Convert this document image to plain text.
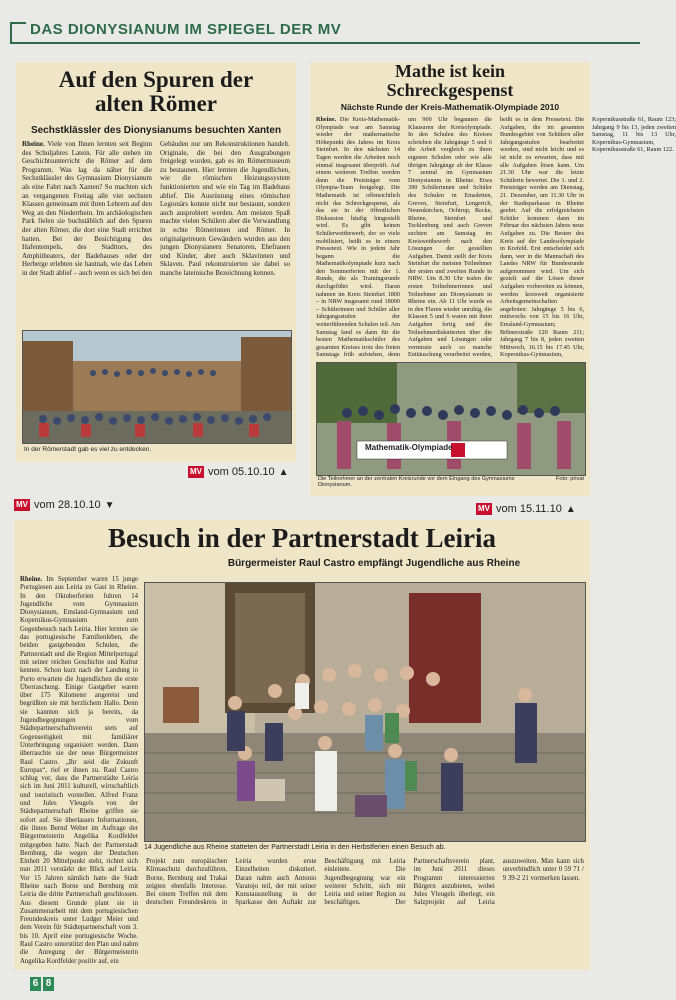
DAS DIONYSIANUM IM SPIEGEL DER MV
Auf den Spuren der alten Römer
Sechstklässler des Dionysianums besuchten Xanten
Rheine. Viele von Ihnen lernten seit Beginn des Schuljahres Latein. Für alle stehen im Geschichtsunterricht die Römer auf dem Programm. Was lag da näher für die Sechstklässler des Gymnasium Dionysianum als eine Fahrt nach Xanten? So machten sich an vergangenen Freitag alle vier sechsten Klassen gemeinsam mit ihren Lehrern auf den Weg an den Niederrhein. Im archäologischen Park fielen sie buchstäblich auf den Spuren der alten Römer, die dort eine Stadt errichtet hatten. Bei der Besichtigung des Hafentempels, des Stadttors, des Amphitheaters, der Badehauses oder der Herberge erlebten sie hautnah, wie das Leben in der Stadt ablief – auch wenn es sich bei den Gebäuden nur um Rekonstruktionen handelt. Originale, die bei den Ausgrabungen freigelegt wurden, gab es im Römermuseum zu bestaunen. Hier lernten die Jugendlichen, wie die römischen Heizungssystem funktionierten und wie ein Tag im Badehaus ablief. Die Ausrüstung eines römischen Legionärs konnte nicht nur bestaunt, sondern auch ausprobiert werden. Am meisten Spaß machte vielen Schülern aber die Verwandlung in echte Römerinnen und Römer. In originalgetreuen Gewändern wurden aus den jungen Dionysianern Senatoren, Ehefrauen und Kinder, aber auch Sklavinnen und Sklaven. Paul rekonstruierten sie dabei so manche lateinische Bezeichnung kennen.
In der Römerstadt gab es viel zu entdecken.
MV vom 05.10.10 ▲
Mathe ist kein Schreckgespenst
Nächste Runde der Kreis-Mathematik-Olympiade 2010
Rheine. Die Kreis-Mathematik-Olympiade war am Samstag wieder der mathematische Höhepunkt des Jahres im Kreis Steinfurt. In den nächsten 14 Tagen werden die Arbeiten noch einmal insgesamt überprüft. Auf einem weiteren Treffen werden dann die Preisträger vom Olympia-Team festgelegt. Die Mathematik ist offensichtlich nicht das Schreckgespenst, als das sie in der öffentlichen Diskussion häufig hingestellt wird. Es gibt keinen Schülerwettbewerb, der so viele mobilisiert, heißt es in einem Pressetext. Wie in jedem Jahr begann die Mathematikolympiade kurz nach den Sommerferien mit der 1. Runde, die als Trainingsrunde durchgeführt wird. Daran nahmen im Kreis Steinfurt 1800 – in NRW insgesamt rund 18000 – Schülerinnen und Schüler aller Jahrgangsstufen der weiterführenden Schulen teil. Am Samstag fand es dann für die besten Mathematikschüler des gesamten Kreises trotz des freien Samstags früh aufstehen, denn um 900 Uhr begannen die Klausuren der Kreisolympiade. In den Schulen des Kreises schrieben die Jahrgänge 5 und 6 die Arbeit vergleich zu ihren eigenen Schulen oder wie alle übrigen Jahrgänge ab der Klasse 7 zentral im Gymnasium Dionysianum in Rheine. Etwa 390 Schülerinnen und Schüler des Schulen in Emsdetten, Greven, Steinfurt, Lengerich, Neuenkirchen, Ochtrup, Recke, Rheine, Steinfurt und Tecklenburg und auch Greven suchten am Samstag im Kreiswettbewerb nach den Lösungen der gestellten Aufgaben. Damit stellt der Kreis Steinfurt die meisten Teilnehmer der ersten und zweiten Runde in NRW. Um 8.30 Uhr trafen die ersten Teilnehmerinnen und Teilnehmer am Dionysianum in Rheine ein. Ab 11 Uhr wurde es in den Fluren wieder unruhig, die Klassen 5 und 6 waren mit ihren Aufgaben fertig und die Teilnehmerdiskutierten über die Aufgaben und Lösungen oder vermisste auch so manche Enttäuschung verarbeitet werden, heißt es in dem Pressetext. Die Aufgaben, die im gesamten Bundesgebiet von Schülern aller Jahrgangsstufen bearbeitet werden, sind nicht leicht und es ist nicht zu erwarten, dass mit alle Aufgaben lösen kann. Um 21.30 Uhr war die letzte Schülerin bewertet. Die 1. und 2. Preisträger werden am Dienstag, 21. Dezember, um 11.30 Uhr in der Stadtsparkasse in Rheine geehrt. Auf die erfolgreichsten Schüler kommen dann im Februar des nächsten Jahres neue Aufgaben zu. Die Besten des Kreis auf der Landesolympiade in Krefeld. Erst entscheidet sich dann, wer in die Mannschaft des Landes NRW für Bundesrunde aufgenommen wird. Um sich gezielt auf die Lösen dieser Aufgaben vorbereiten zu können, werden kreisweit organisierte Arbeitsgemeinschaften angeboten: Jahrgänge 5 bis 6, mittwochs von 15 bis 16 Uhr, Emsland-Gymnasium; Böhnerstraße 120 Raum 211; Jahrgang 7 bis 8, jeden zweiten Mittwoch, 16.15 bis 17.45 Uhr, Kopernikus-Gymnasium, Kopernikusstraße 61, Raum 123; Jahrgang 9 bis 13, jeden zweiten Samstag, 11 bis 13 Uhr, Kopernikus-Gymnasium, Kopernikusstraße 61, Raum 122.
Mathematik-Olympiade
Die Teilnehmer an der zentralen Kreisrunde vor dem Eingang des Gymnasiums Dionysianum.
Foto: privat
MV vom 28.10.10 ▼	MV vom 15.11.10 ▲
Besuch in der Partnerstadt Leiria
Bürgermeister Raul Castro empfängt Jugendliche aus Rheine
Rheine. Im September waren 15 junge Portugiesen aus Leiria zu Gast in Rheine. In den Oktoberferien fuhren 14 Jugendliche vom Gymnasium Dionysianum, Emsland-Gymnasium und Kopernikus-Gymnasium zum Gegenbesuch nach Leiria. Hier lernten sie das portugiesische Familienleben, die beiden gastgebenden Schulen, die Partnerstadt und die Region Mittelportugal mit seiner reichen Geschichte und Kultur kennen. Schon kurz nach der Landung in Porto erwartete die Jugendlichen die erste Überraschung. Einige Gastgeber waren über 175 Kilometer angereist und begrüßten sie mit herzlichem Hallo. Denn sie kannten sich ja bereits, da Jugendbegegnungen vom Städtepartnerschaftsverein stets auf Gegenseitigkeit mit familiärer Unterbringung organisiert werden. Dann überraschte sie der neue Bürgermeister Raul Castro. „Ihr seid die Zukunft Europas“, rief er ihnen zu. Raul Castro schlug vor, dass die Partnerstädte Leiria sich im Juni 2011 kulturell, wirtschaftlich und touristisch vorstellen. Alfred Franz und Jules Vleugels von der Städtepartnerschaft Rheine griffen sie sofort auf. Sie überlassen Informationen, die ihnen Bernd Weber im Auftrage der Bürgermeisterin Angelika Kordfelder mitgegeben hatte. Nach der Partnerstadt Bernburg, die wegen der Deutschen Einheit 20 Mittelpunkt steht, richtet sich nun 2011 verstärkt der Blick auf Leiria. Vor 15 Jahren nämlich hatte die Stadt Rheine nach Borne und Bernburg mit Leiria die dritte Partnerschaft geschlossen. Aus diesem Grunde plant sie in Zusammenarbeit mit dem portugiesischen Freundeskreis unter Ludger Meier und dem Verein für Städtepartnerschaft vom 3. bis 10. April eine portugiesische Woche. Raul Castro unterstützt den Plan und nahm die Anregung der Bürgermeisterin Angelika Kordfelder positiv auf, ein
14 Jugendliche aus Rheine statteten der Partnerstadt Leiria in den Herbstferien einen Besuch ab.
Projekt zum europäischen Klimaschutz durchzuführen. Borne, Bernburg und Trakai zeigten ebenfalls Interesse. Bei einem Treffen mit dem deutschen Freundeskreis in Leiria wurden erste Einzelheiten diskutiert. Daran nahm auch Antonio Varatojo teil, der mit seiner Kunstausstellung in der Sparkasse den Auftakt zur Beschäftigung mit Leiria einleitete. Die Jugendbegegnung war ein weiterer Schritt, sich mit Leiria und seiner Region zu beschäftigen. Der Partnerschaftsverein plant, im Juni 2011 dieses Programm interessierten Bürgern anzubieten, wobei Jules Vleugels überlegt, ein Salzprojekt auf Leiria auszuweiten. Man kann sich unverbindlich unter 0 59 71 / 9 39-2 21 vormerken lassen.
6 8
